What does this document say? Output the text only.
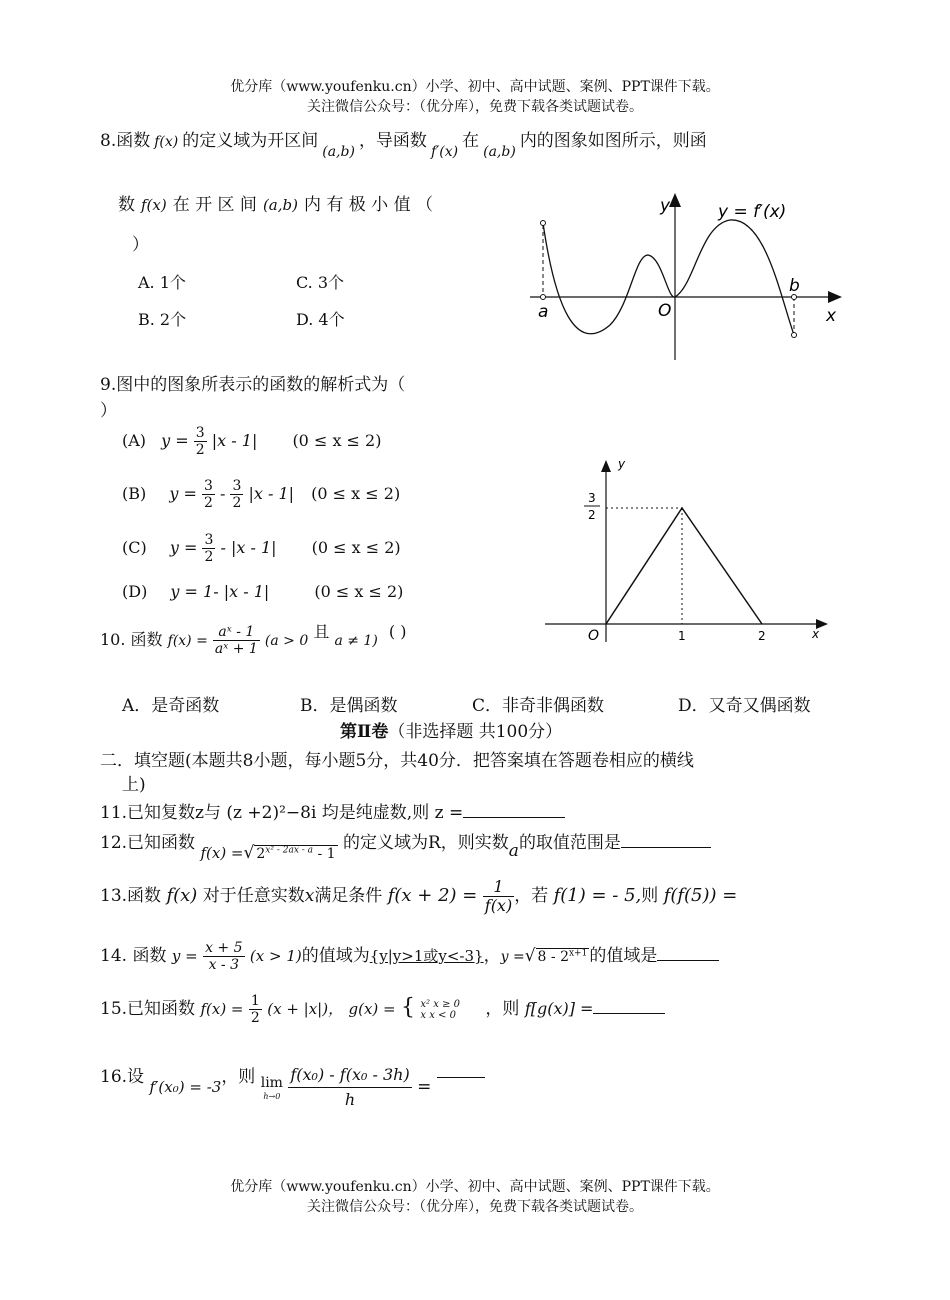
优分库（www.youfenku.cn）小学、初中、高中试题、案例、PPT课件下载。
关注微信公众号：（优分库），免费下载各类试题试卷。
8.函数 f(x) 的定义域为开区间$_{(a,b)}$，导函数$_{f'(x)}$在$_{(a,b)}$内的图象如图所示，则函
数 f(x) 在 开 区 间 (a,b) 内 有 极 小 值 （
）
A. 1个	C. 3个
B. 2个	D. 4个
y	y = f′(x)
b
a	O	x
9.图中的图象所表示的函数的解析式为（
）
(A) $y = \frac{3}{2} |x - 1|$ (0 ≤ x ≤ 2)
(B) $y = \frac{3}{2} - \frac{3}{2} |x - 1|$ (0 ≤ x ≤ 2)
(C) $y = \frac{3}{2} - |x - 1|$ (0 ≤ x ≤ 2)
(D) y = 1- |x - 1|	(0 ≤ x ≤ 2)
y
3
2
O	1	2	x
10. 函数 $f(x) = \frac{\text{aˣ - 1}}{\text{aˣ + 1}} (a > 0$ 且 a ≠ 1) ( )
A．是奇函数	B．是偶函数	C．非奇非偶函数	D．又奇又偶函数
第Ⅱ卷（非选择题 共100分）
二．填空题(本题共8小题，每小题5分，共40分．把答案填在答题卷相应的横线
上)
11.已知复数z与 (z +2)²−8i 均是纯虚数,则 z =
12.已知函数 f(x) =√ $_{2^{x^2 - 2ax - a} - 1}$ 的定义域为R，则实数a的取值范围是
13.函数 f(x) 对于任意实数x满足条件 $f(x + 2) = \frac{1}{f(x)}$ ，若 f(1) = - 5,则 f(f(5)) =
14. 函数 $y = \frac{x + 5}{x - 3} (x > 1)$的值域为{y|y>1或y<-3}，y =√ $8 - 2^{x+1}$ 的值域是
15.已知函数 $f(x) = \frac{1}{2} (x + |x|)$， g(x) = { x² x ≥ 0
x x < 0 ，则 f[g(x)] =
16.设 f′(x₀) = -3，则 lim
h→0
$\frac{\text{f(x₀) - f(x₀ - 3h)}}{h}$ =
优分库（www.youfenku.cn）小学、初中、高中试题、案例、PPT课件下载。
关注微信公众号：（优分库），免费下载各类试题试卷。
